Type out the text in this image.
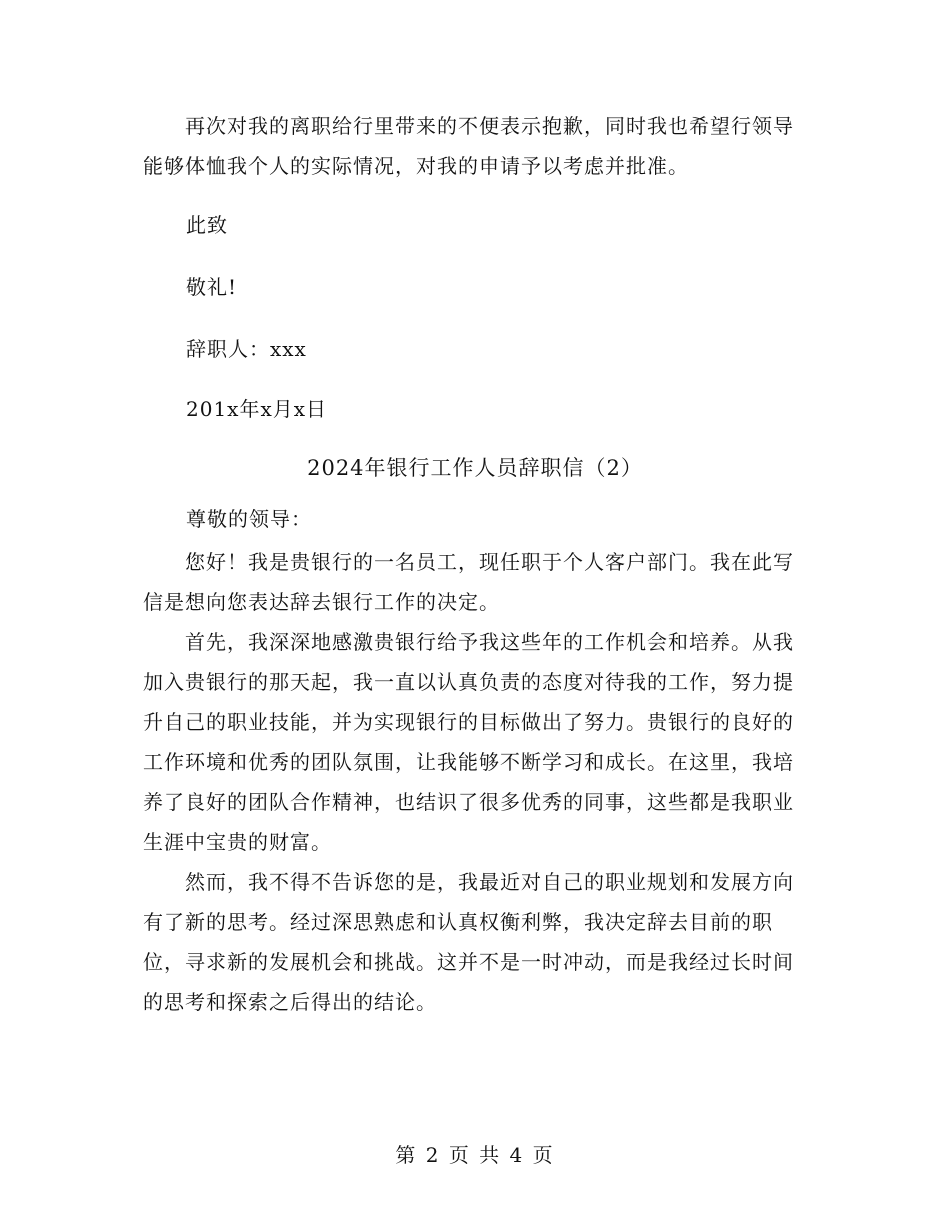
再次对我的离职给行里带来的不便表示抱歉，同时我也希望行领导能够体恤我个人的实际情况，对我的申请予以考虑并批准。
此致
敬礼!
辞职人：xxx
201x年x月x日
2024年银行工作人员辞职信（2）
尊敬的领导：

您好！我是贵银行的一名员工，现任职于个人客户部门。我在此写信是想向您表达辞去银行工作的决定。

首先，我深深地感激贵银行给予我这些年的工作机会和培养。从我加入贵银行的那天起，我一直以认真负责的态度对待我的工作，努力提升自己的职业技能，并为实现银行的目标做出了努力。贵银行的良好的工作环境和优秀的团队氛围，让我能够不断学习和成长。在这里，我培养了良好的团队合作精神，也结识了很多优秀的同事，这些都是我职业生涯中宝贵的财富。

然而，我不得不告诉您的是，我最近对自己的职业规划和发展方向有了新的思考。经过深思熟虑和认真权衡利弊，我决定辞去目前的职位，寻求新的发展机会和挑战。这并不是一时冲动，而是我经过长时间的思考和探索之后得出的结论。

第 2 页 共 4 页
